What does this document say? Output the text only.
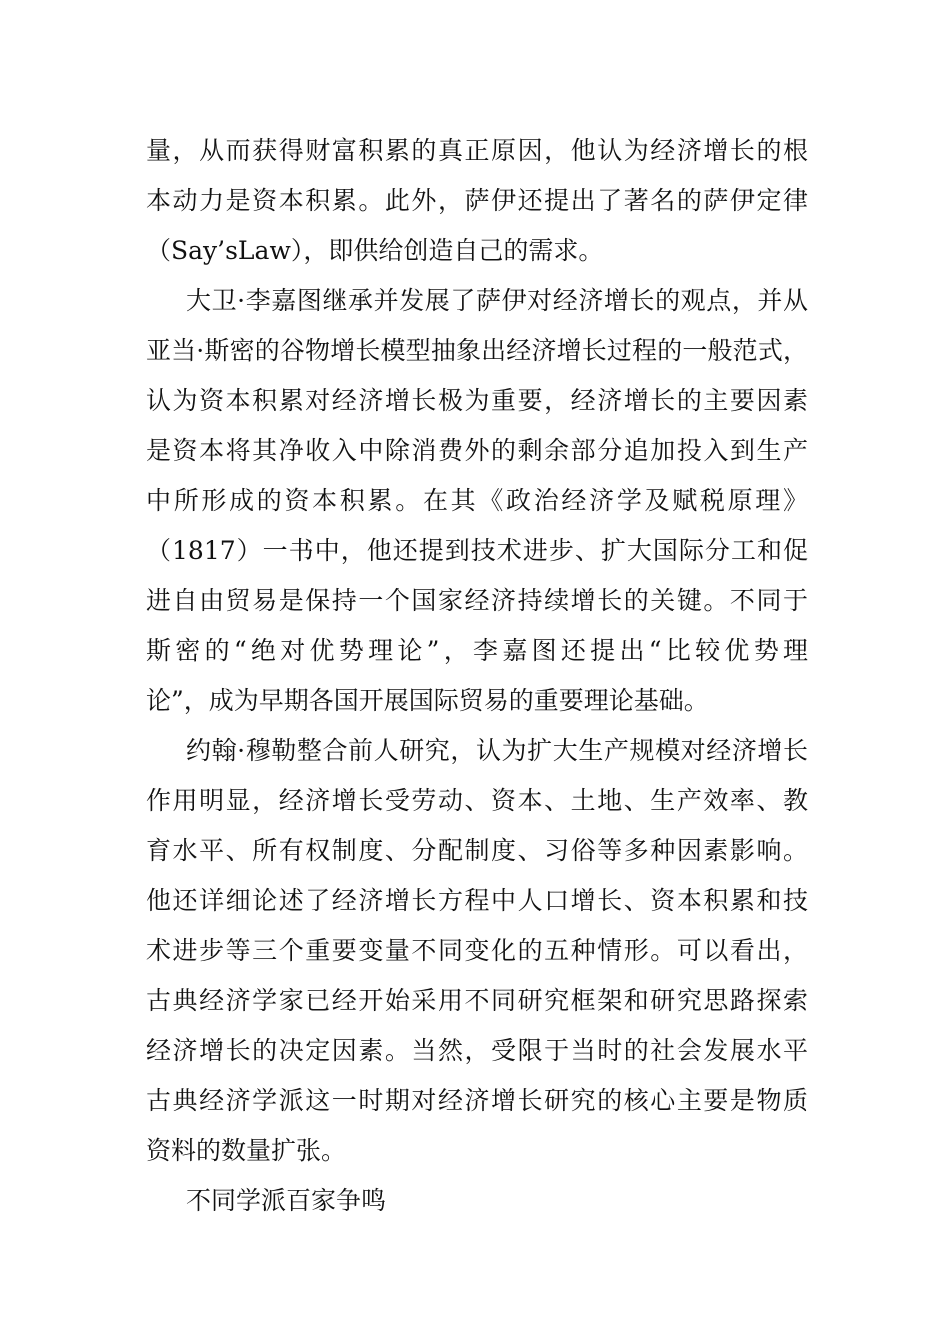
量，从而获得财富积累的真正原因，他认为经济增长的根
本动力是资本积累。此外，萨伊还提出了著名的萨伊定律
（Say’sLaw），即供给创造自己的需求。
大卫·李嘉图继承并发展了萨伊对经济增长的观点，并从
亚当·斯密的谷物增长模型抽象出经济增长过程的一般范式，
认为资本积累对经济增长极为重要，经济增长的主要因素
是资本将其净收入中除消费外的剩余部分追加投入到生产
中所形成的资本积累。在其《政治经济学及赋税原理》
（1817）一书中，他还提到技术进步、扩大国际分工和促
进自由贸易是保持一个国家经济持续增长的关键。不同于
斯密的“绝对优势理论”，李嘉图还提出“比较优势理
论”，成为早期各国开展国际贸易的重要理论基础。
约翰·穆勒整合前人研究，认为扩大生产规模对经济增长
作用明显，经济增长受劳动、资本、土地、生产效率、教
育水平、所有权制度、分配制度、习俗等多种因素影响。
他还详细论述了经济增长方程中人口增长、资本积累和技
术进步等三个重要变量不同变化的五种情形。可以看出，
古典经济学家已经开始采用不同研究框架和研究思路探索
经济增长的决定因素。当然，受限于当时的社会发展水平
古典经济学派这一时期对经济增长研究的核心主要是物质
资料的数量扩张。
不同学派百家争鸣
